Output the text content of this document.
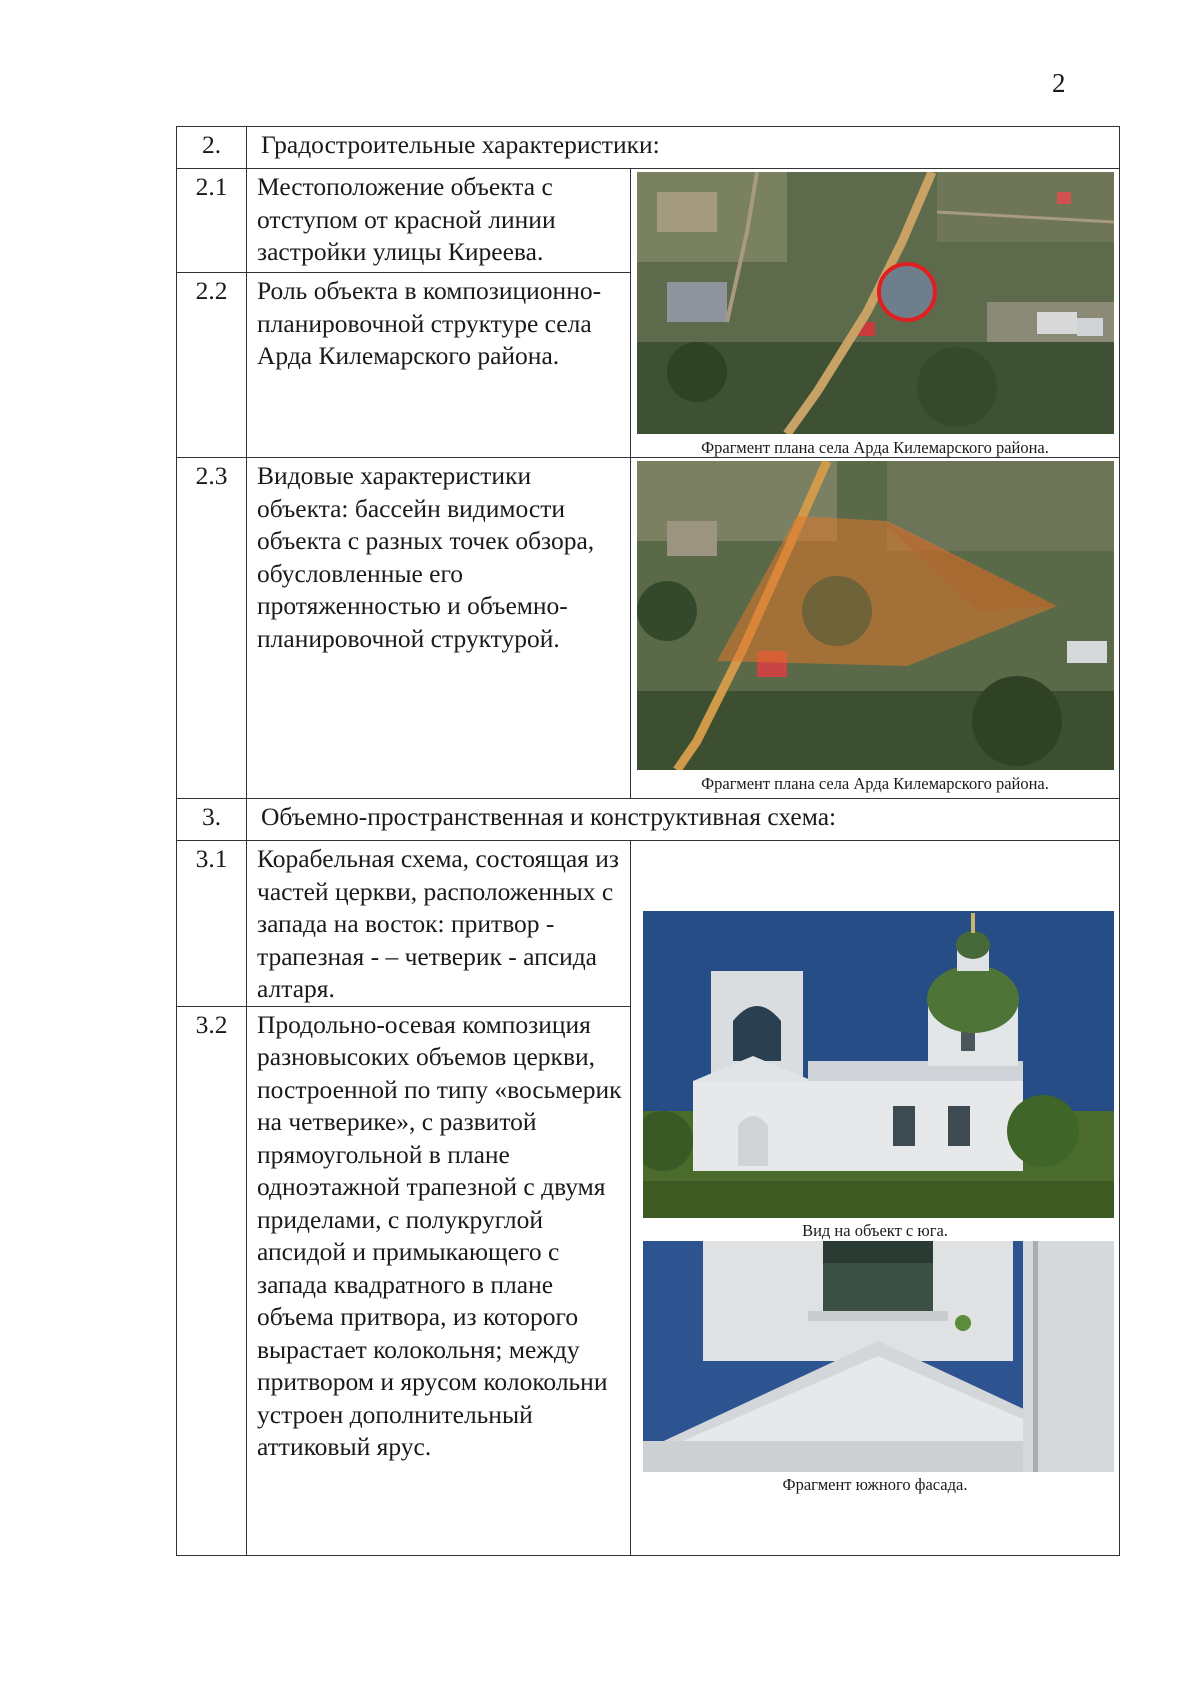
2
2.	Градостроительные характеристики:	
2.1	Местоположение объекта с отступом от красной линии застройки улицы Киреева.	Фрагмент плана села Арда Килемарского района.

2.2	Роль объекта в композиционно-планировочной структуре села Арда Килемарского района.	
2.3	Видовые характеристики объекта: бассейн видимости объекта с разных точек обзора, обусловленные его протяженностью и объемно-планировочной структурой.	Фрагмент плана села Арда Килемарского района.

3.	Объемно-пространственная и конструктивная схема:	
3.1	Корабельная схема, состоящая из частей церкви, расположенных с запада на восток: притвор - трапезная - – четверик - апсида алтаря.	Вид на объект с юга.
Фрагмент южного фасада.

3.2	Продольно-осевая композиция разновысоких объемов церкви, построенной по типу «восьмерик на четверике», с развитой прямоугольной в плане одноэтажной трапезной с двумя приделами, с полукруглой апсидой и примыкающего с запада квадратного в плане объема притвора, из которого вырастает колокольня; между притвором и ярусом колокольни устроен дополнительный аттиковый ярус.	
